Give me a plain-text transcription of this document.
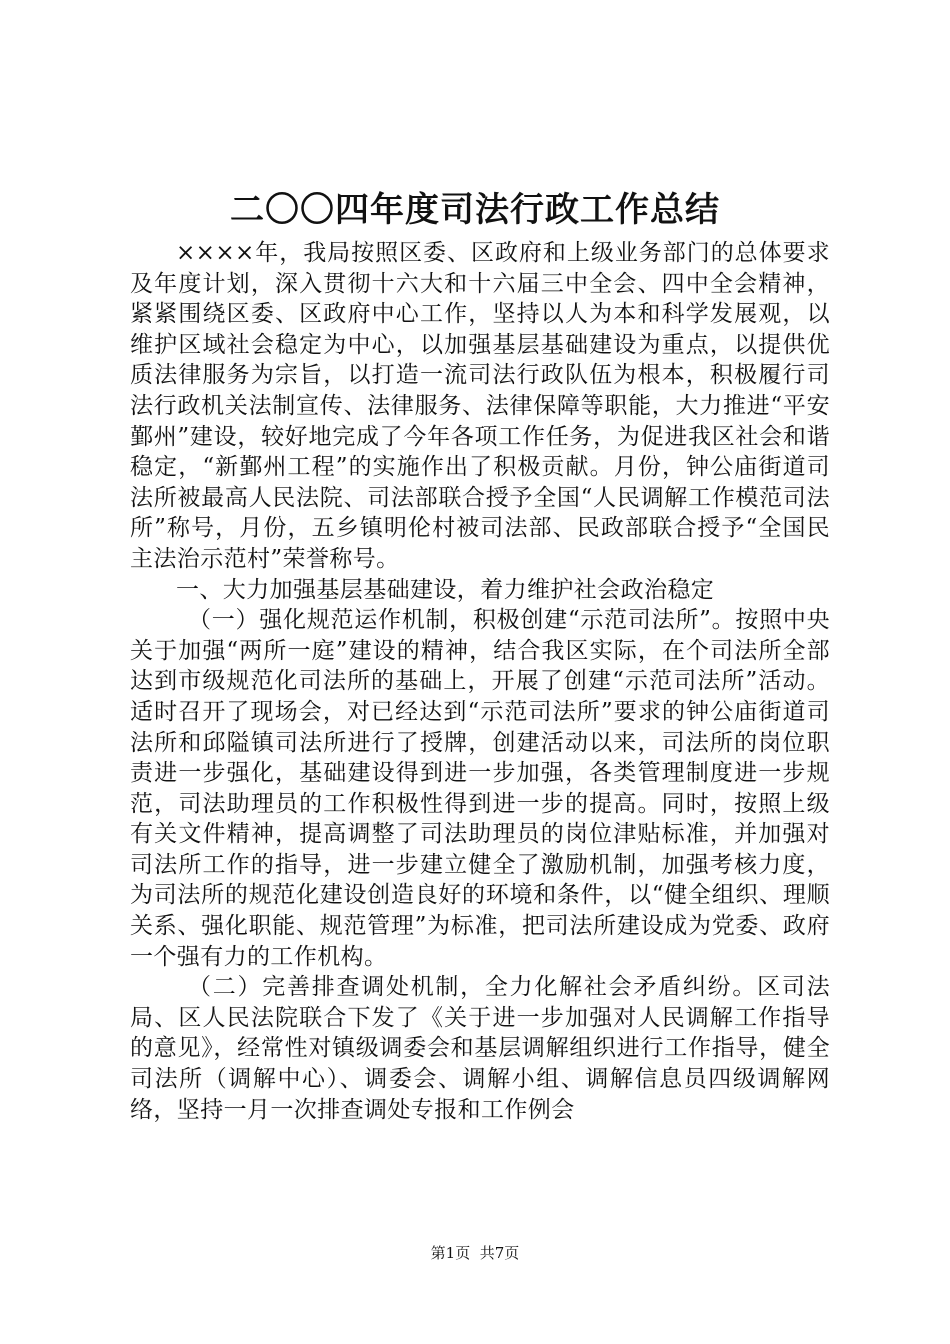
二〇〇四年度司法行政工作总结

××××年，我局按照区委、区政府和上级业务部门的总体要求及年度计划，深入贯彻十六大和十六届三中全会、四中全会精神，紧紧围绕区委、区政府中心工作，坚持以人为本和科学发展观，以维护区域社会稳定为中心，以加强基层基础建设为重点，以提供优质法律服务为宗旨，以打造一流司法行政队伍为根本，积极履行司法行政机关法制宣传、法律服务、法律保障等职能，大力推进“平安鄞州”建设，较好地完成了今年各项工作任务，为促进我区社会和谐稳定，“新鄞州工程”的实施作出了积极贡献。月份，钟公庙街道司法所被最高人民法院、司法部联合授予全国“人民调解工作模范司法所”称号，月份，五乡镇明伦村被司法部、民政部联合授予“全国民主法治示范村”荣誉称号。

一、大力加强基层基础建设，着力维护社会政治稳定

（一）强化规范运作机制，积极创建“示范司法所”。按照中央关于加强“两所一庭”建设的精神，结合我区实际，在个司法所全部达到市级规范化司法所的基础上，开展了创建“示范司法所”活动。适时召开了现场会，对已经达到“示范司法所”要求的钟公庙街道司法所和邱隘镇司法所进行了授牌，创建活动以来，司法所的岗位职责进一步强化，基础建设得到进一步加强，各类管理制度进一步规范，司法助理员的工作积极性得到进一步的提高。同时，按照上级有关文件精神，提高调整了司法助理员的岗位津贴标准，并加强对司法所工作的指导，进一步建立健全了激励机制，加强考核力度，为司法所的规范化建设创造良好的环境和条件，以“健全组织、理顺关系、强化职能、规范管理”为标准，把司法所建设成为党委、政府一个强有力的工作机构。

（二）完善排查调处机制，全力化解社会矛盾纠纷。区司法局、区人民法院联合下发了《关于进一步加强对人民调解工作指导的意见》，经常性对镇级调委会和基层调解组织进行工作指导，健全司法所（调解中心）、调委会、调解小组、调解信息员四级调解网络，坚持一月一次排查调处专报和工作例会

第1页 共7页
